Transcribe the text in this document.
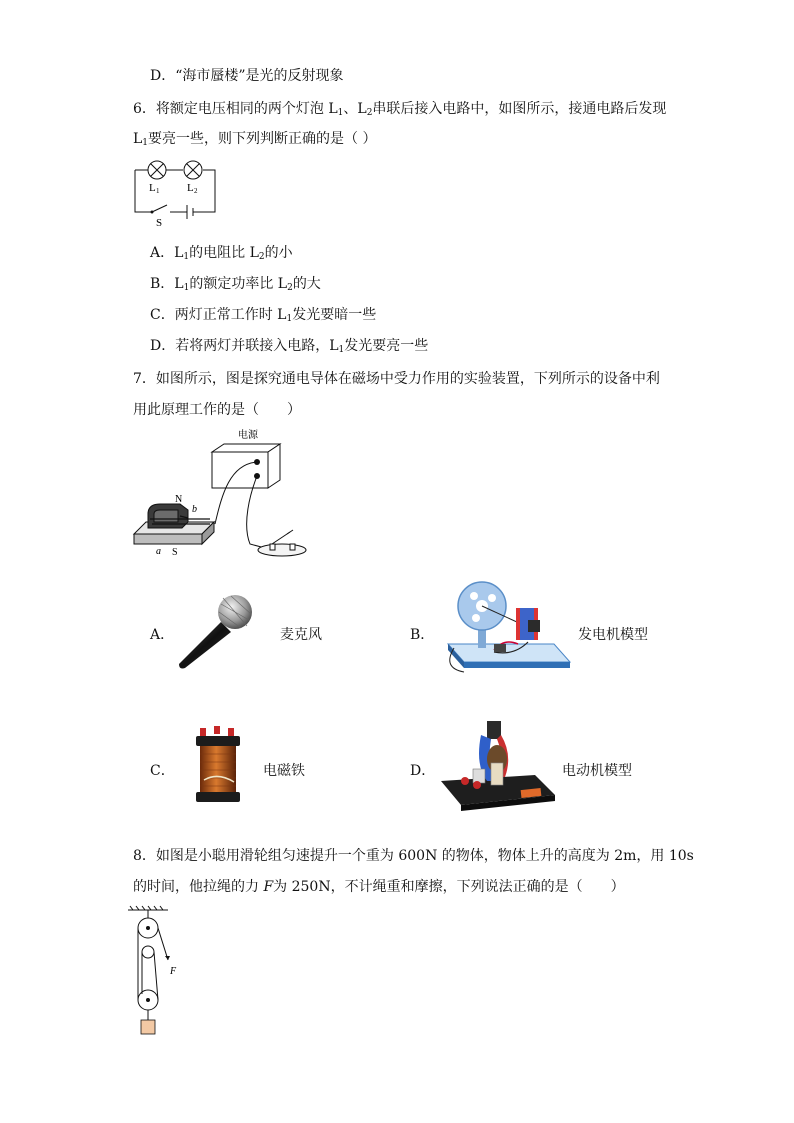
D．“海市蜃楼”是光的反射现象
6．将额定电压相同的两个灯泡 $L_1$、$L_2$串联后接入电路中，如图所示，接通电路后发现
$L_1$要亮一些，则下列判断正确的是（ ）
L 1	L 2
S
A．$L_1$的电阻比 $L_2$的小
B．$L_1$的额定功率比 $L_2$的大
C．两灯正常工作时 $L_1$发光要暗一些
D．若将两灯并联接入电路，$L_1$发光要亮一些
7．如图所示，图是探究通电导体在磁场中受力作用的实验装置，下列所示的设备中利
用此原理工作的是（　　）
电源
N
b
a S
A．	麦克风	B．	发电机模型
C．	电磁铁	D．	电动机模型
8．如图是小聪用滑轮组匀速提升一个重为 600N 的物体，物体上升的高度为 2m，用 10s
的时间，他拉绳的力 F为 250N，不计绳重和摩擦，下列说法正确的是（　　）
F
